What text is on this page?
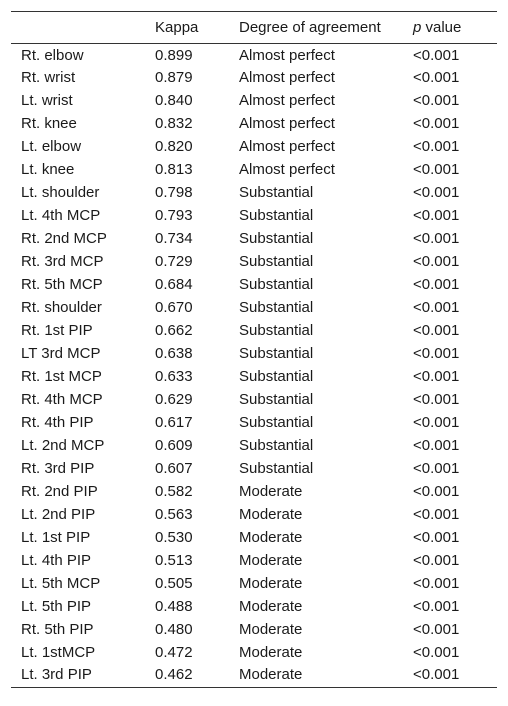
	Kappa	Degree of agreement	p value
Rt. elbow	0.899	Almost perfect	<0.001
Rt. wrist	0.879	Almost perfect	<0.001
Lt. wrist	0.840	Almost perfect	<0.001
Rt. knee	0.832	Almost perfect	<0.001
Lt. elbow	0.820	Almost perfect	<0.001
Lt. knee	0.813	Almost perfect	<0.001
Lt. shoulder	0.798	Substantial	<0.001
Lt. 4th MCP	0.793	Substantial	<0.001
Rt. 2nd MCP	0.734	Substantial	<0.001
Rt. 3rd MCP	0.729	Substantial	<0.001
Rt. 5th MCP	0.684	Substantial	<0.001
Rt. shoulder	0.670	Substantial	<0.001
Rt. 1st PIP	0.662	Substantial	<0.001
LT 3rd MCP	0.638	Substantial	<0.001
Rt. 1st MCP	0.633	Substantial	<0.001
Rt. 4th MCP	0.629	Substantial	<0.001
Rt. 4th PIP	0.617	Substantial	<0.001
Lt. 2nd MCP	0.609	Substantial	<0.001
Rt. 3rd PIP	0.607	Substantial	<0.001
Rt. 2nd PIP	0.582	Moderate	<0.001
Lt. 2nd PIP	0.563	Moderate	<0.001
Lt. 1st PIP	0.530	Moderate	<0.001
Lt. 4th PIP	0.513	Moderate	<0.001
Lt. 5th MCP	0.505	Moderate	<0.001
Lt. 5th PIP	0.488	Moderate	<0.001
Rt. 5th PIP	0.480	Moderate	<0.001
Lt. 1stMCP	0.472	Moderate	<0.001
Lt. 3rd PIP	0.462	Moderate	<0.001
